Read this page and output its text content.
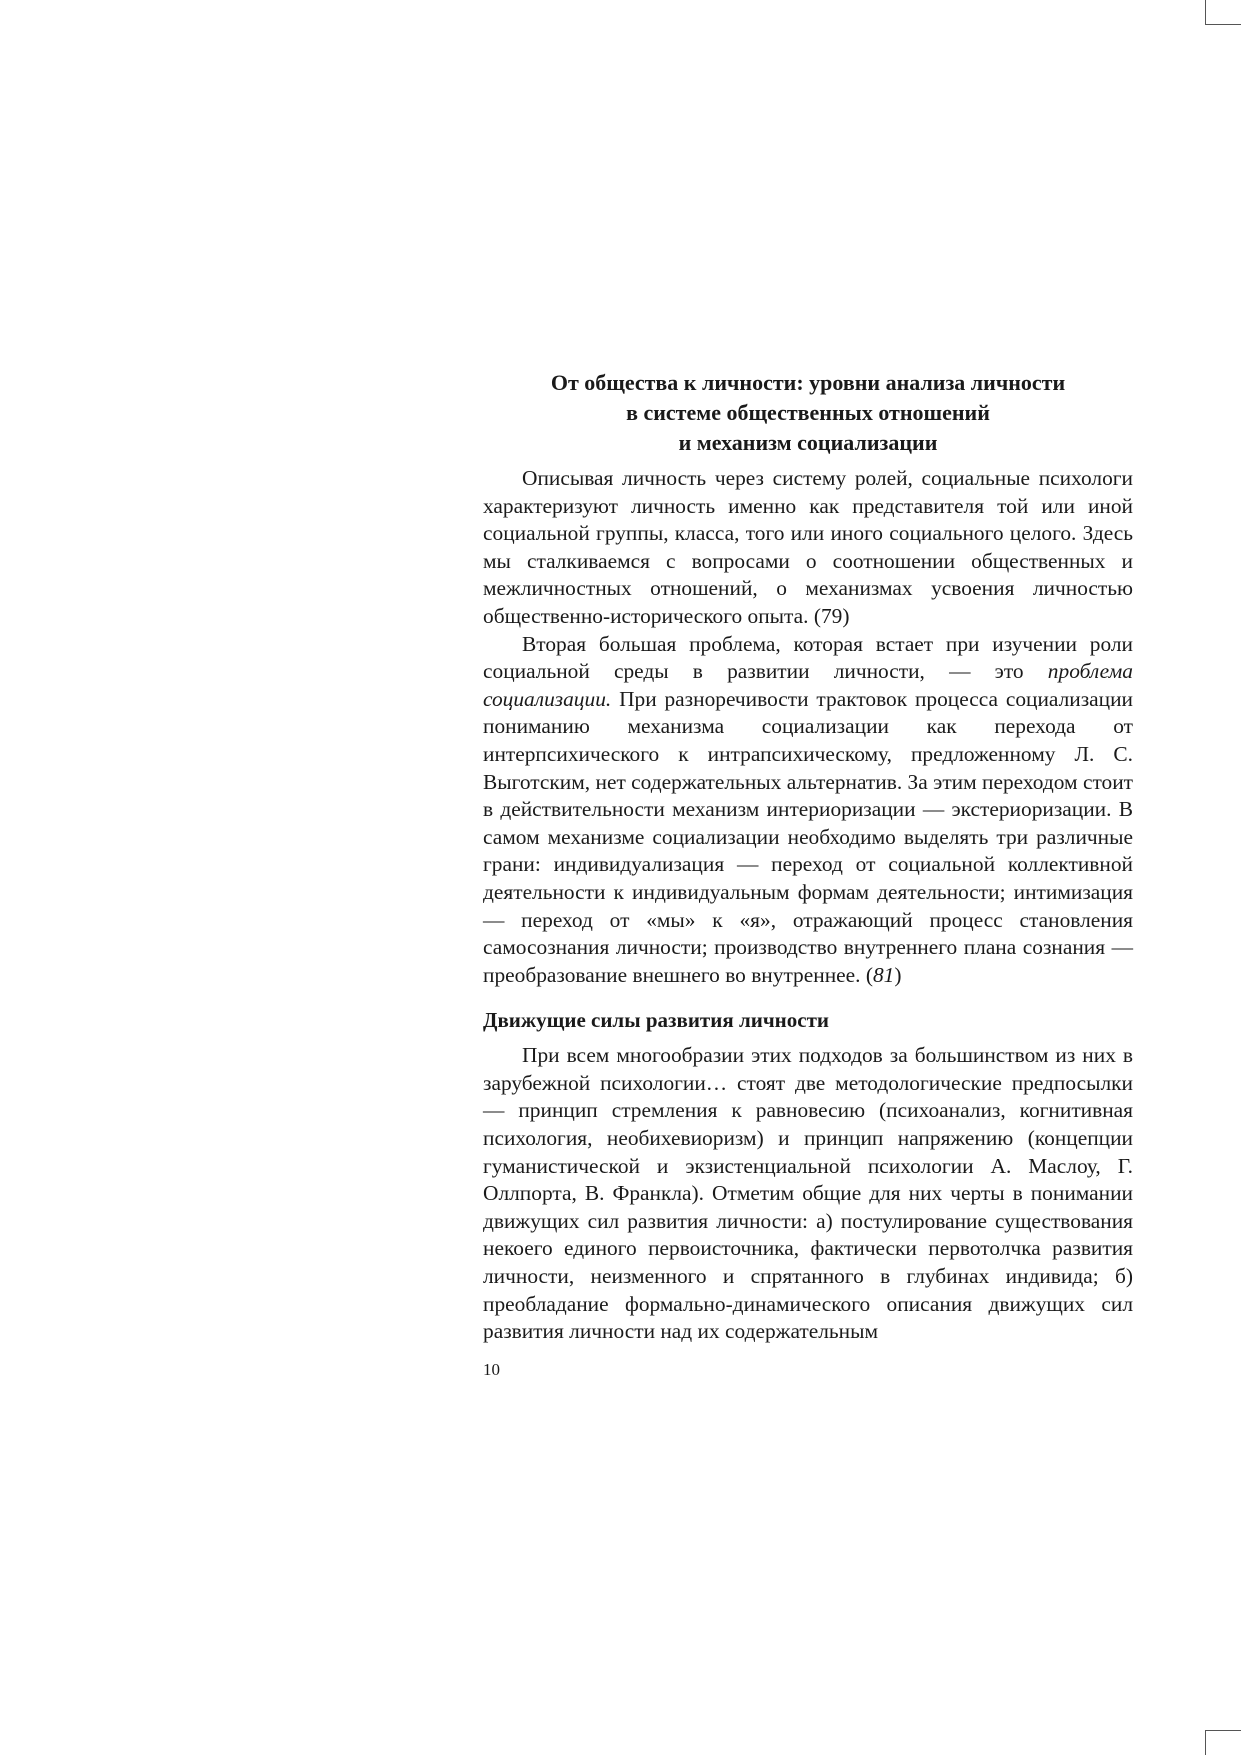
От общества к личности: уровни анализа личности
в системе общественных отношений
и механизм социализации

Описывая личность через систему ролей, социальные психологи характеризуют личность именно как представителя той или иной социальной группы, класса, того или иного социального целого. Здесь мы сталкиваемся с вопросами о соотношении общественных и межличностных отношений, о механизмах усвоения личностью общественно-исторического опыта. (79)

Вторая большая проблема, которая встает при изучении роли социальной среды в развитии личности, — это проблема социализации. При разноречивости трактовок процесса социализации пониманию механизма социализации как перехода от интерпсихического к интрапсихическому, предложенному Л. С. Выготским, нет содержательных альтернатив. За этим переходом стоит в действительности механизм интериоризации — экстериоризации. В самом механизме социализации необходимо выделять три различные грани: индивидуализация — переход от социальной коллективной деятельности к индивидуальным формам деятельности; интимизация — переход от «мы» к «я», отражающий процесс становления самосознания личности; производство внутреннего плана сознания — преобразование внешнего во внутреннее. (81)

Движущие силы развития личности

При всем многообразии этих подходов за большинством из них в зарубежной психологии… стоят две методологические предпосылки — принцип стремления к равновесию (психоанализ, когнитивная психология, необихевиоризм) и принцип напряжению (концепции гуманистической и экзистенциальной психологии А. Маслоу, Г. Оллпорта, В. Франкла). Отметим общие для них черты в понимании движущих сил развития личности: а) постулирование существования некоего единого первоисточника, фактически первотолчка развития личности, неизменного и спрятанного в глубинах индивида; б) преобладание формально-динамического описания движущих сил развития личности над их содержательным

10
